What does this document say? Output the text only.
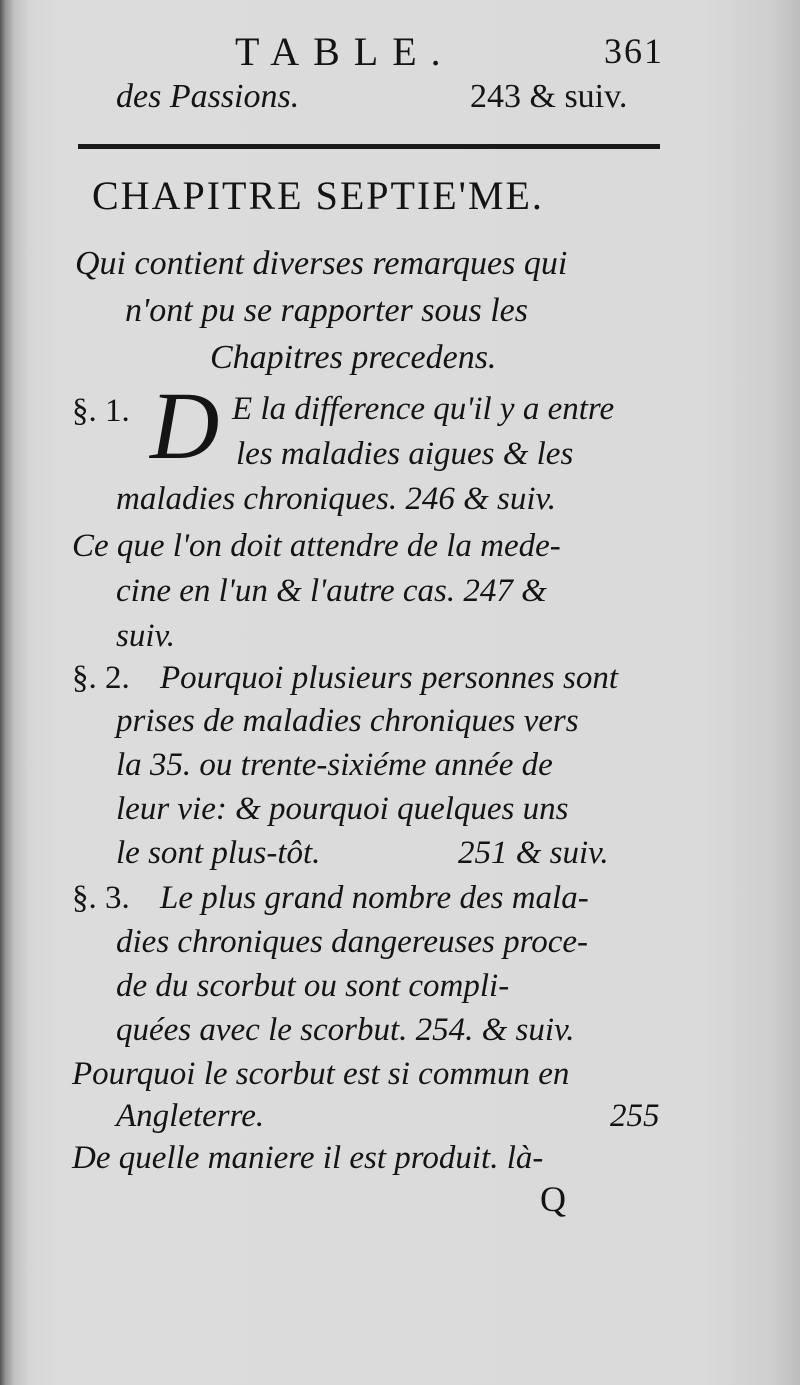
TABLE.	361
des Passions.	243 & suiv.
CHAPITRE SEPTIE'ME.
Qui contient diverses remarques qui
n'ont pu se rapporter sous les
Chapitres precedens.
§. 1. D E la difference qu'il y a entre
les maladies aigues & les
maladies chroniques. 246 & suiv.
Ce que l'on doit attendre de la mede-
cine en l'un & l'autre cas. 247 &
suiv.
§. 2. Pourquoi plusieurs personnes sont
prises de maladies chroniques vers
la 35. ou trente-sixiéme année de
leur vie: & pourquoi quelques uns
le sont plus-tôt.	251 & suiv.
§. 3. Le plus grand nombre des mala-
dies chroniques dangereuses proce-
de du scorbut ou sont compli-
quées avec le scorbut. 254. & suiv.
Pourquoi le scorbut est si commun en
Angleterre.	255
De quelle maniere il est produit. là-
Q
